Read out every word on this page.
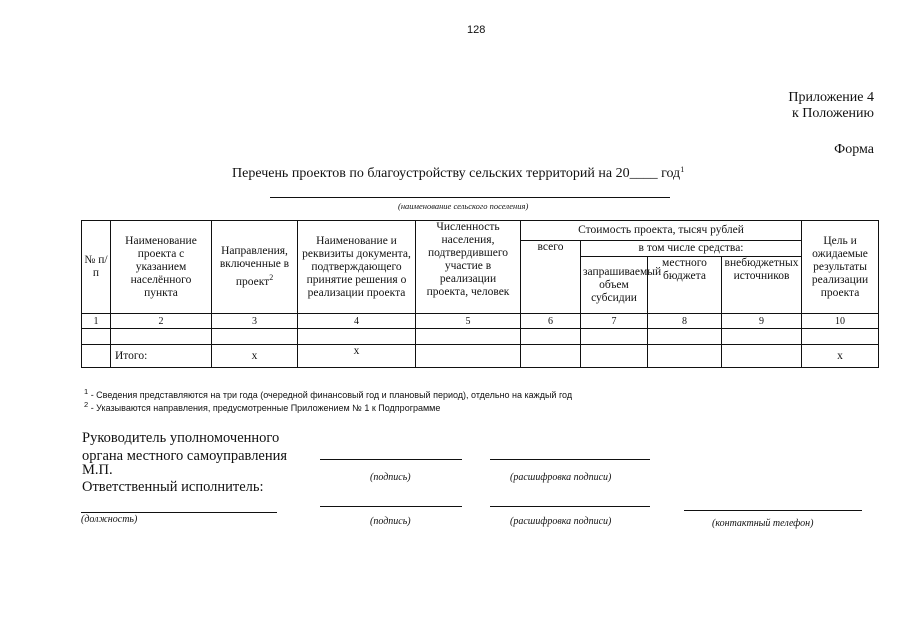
128
Приложение 4
к Положению
Форма
Перечень проектов по благоустройству сельских территорий на 20____ год$^1$
(наименование сельского поселения)
№ п/п	Наименование проекта с указанием населённого пункта	Направления, включенные в проект$^2$	Наименование и реквизиты документа, подтверждающего принятие решения о реализации проекта	Численность населения, подтвердившего участие в реализации проекта, человек	Стоимость проекта, тысяч рублей				Цель и ожидаемые результаты реализации проекта
					всего	в том числе средства:			
						запрашиваемый объем субсидии	местного бюджета	внебюджетных источников	
1	2	3	4	5	6	7	8	9	10

	Итого:	х	х						х
$^1$ - Сведения представляются на три года (очередной финансовый год и плановый период), отдельно на каждый год
$^2$ - Указываются направления, предусмотренные Приложением № 1 к Подпрограмме
Руководитель уполномоченного
органа местного самоуправления
М.П.
Ответственный исполнитель:
(подпись)	(расшифровка подписи)
(должность)	(подпись)	(расшифровка подписи)	(контактный телефон)
